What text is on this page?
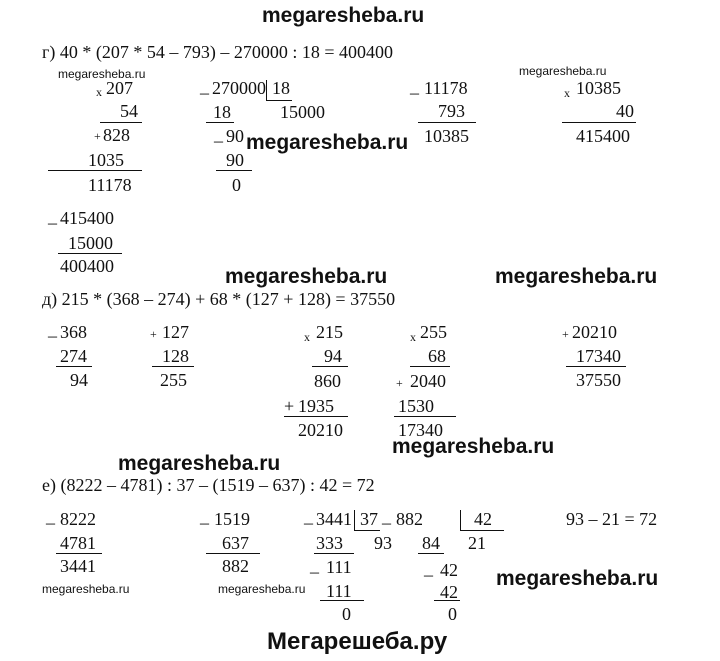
megaresheba.ru
г) 40 * (207 * 54 – 793) – 270000 : 18 = 400400
megaresheba.ru	megaresheba.ru
x 207
54
+ 828
1035
11178
_ 270000 18
15000
18
_ 90
90
0
megaresheba.ru
_ 11178
793
10385
x 10385
40
415400
_ 415400
15000
400400	megaresheba.ru	megaresheba.ru
д) 215 * (368 – 274) + 68 * (127 + 128) = 37550
_ 368
274
94
+ 127
128
255
x 215
94
860
+ 1935
20210
x 255
68
+ 2040
1530
17340
+ 20210
17340
37550
megaresheba.ru
megaresheba.ru
е) (8222 – 4781) : 37 – (1519 – 637) : 42 = 72
_ 8222
4781
3441
_ 1519
637
882
_ 3441 37
93
333
_ 111
111
0
_ 882	42
21
84
_ 42
42
0
93 – 21 = 72
megaresheba.ru
megaresheba.ru	megaresheba.ru
Мегарешеба.ру
